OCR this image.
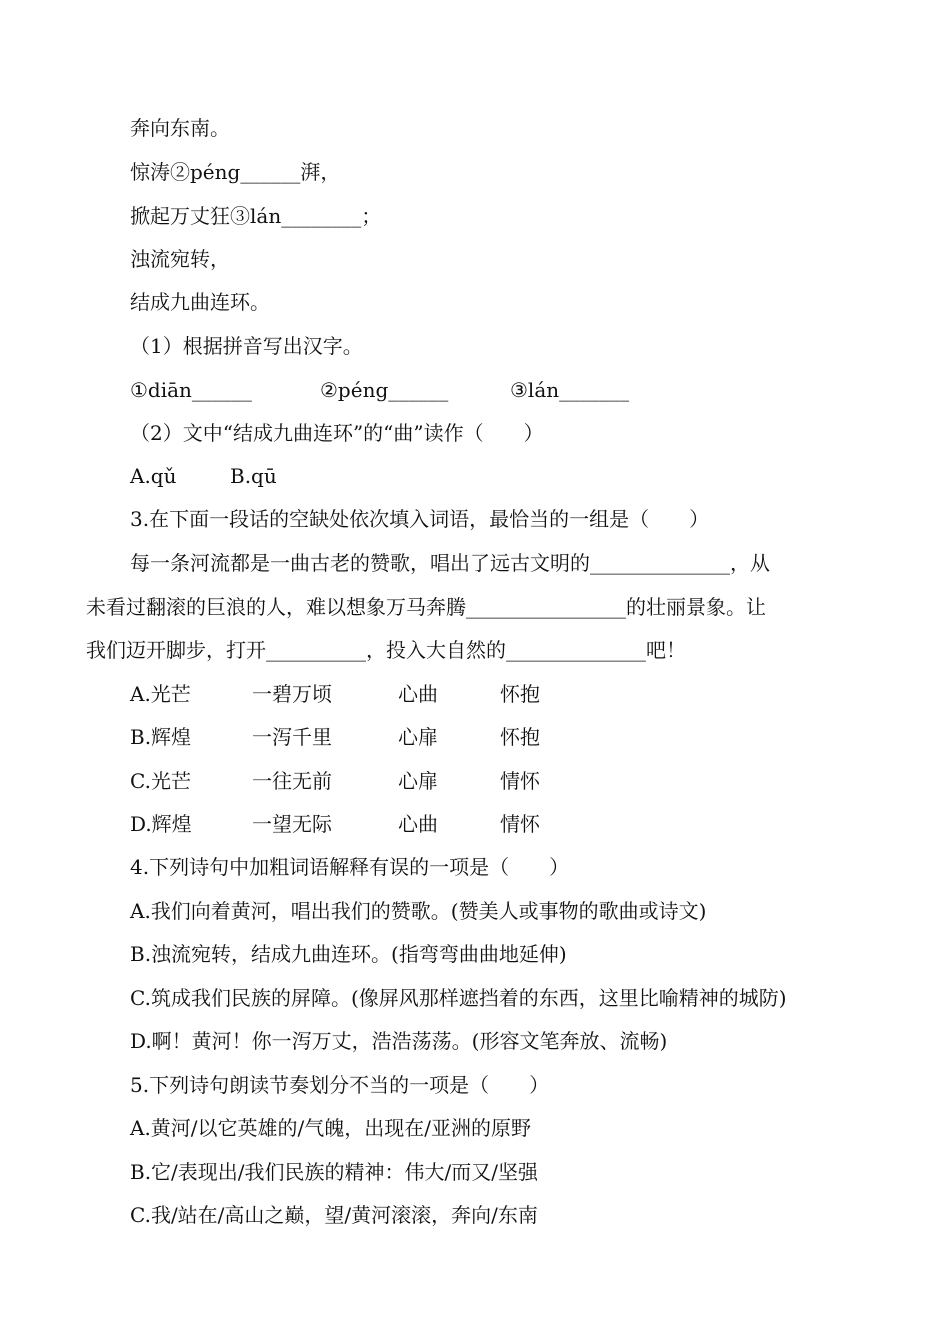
奔向东南。
惊涛②péng______湃，
掀起万丈狂③lán________；
浊流宛转，
结成九曲连环。
（1）根据拼音写出汉字。

①diān______

	②péng______

	③lán_______

（2）文中“结成九曲连环”的“曲”读作（　　）

A.qǔ

	B.qū

3.在下面一段话的空缺处依次填入词语，最恰当的一组是（　　）
每一条河流都是一曲古老的赞歌，唱出了远古文明的______________，从
未看过翻滚的巨浪的人，难以想象万马奔腾________________的壮丽景象。让
我们迈开脚步，打开__________，投入大自然的______________吧！

A.光芒

	一碧万顷

	心曲

	怀抱

B.辉煌

	一泻千里

	心扉

	怀抱

C.光芒

	一往无前

	心扉

	情怀

D.辉煌

	一望无际

	心曲

	情怀

4.下列诗句中加粗词语解释有误的一项是（　　）
A.我们向着黄河，唱出我们的赞歌。(赞美人或事物的歌曲或诗文)
B.浊流宛转，结成九曲连环。(指弯弯曲曲地延伸)
C.筑成我们民族的屏障。(像屏风那样遮挡着的东西，这里比喻精神的城防)
D.啊！黄河！你一泻万丈，浩浩荡荡。(形容文笔奔放、流畅)
5.下列诗句朗读节奏划分不当的一项是（　　）
A.黄河/以它英雄的/气魄，出现在/亚洲的原野
B.它/表现出/我们民族的精神：伟大/而又/坚强
C.我/站在/高山之巅，望/黄河滚滚，奔向/东南
